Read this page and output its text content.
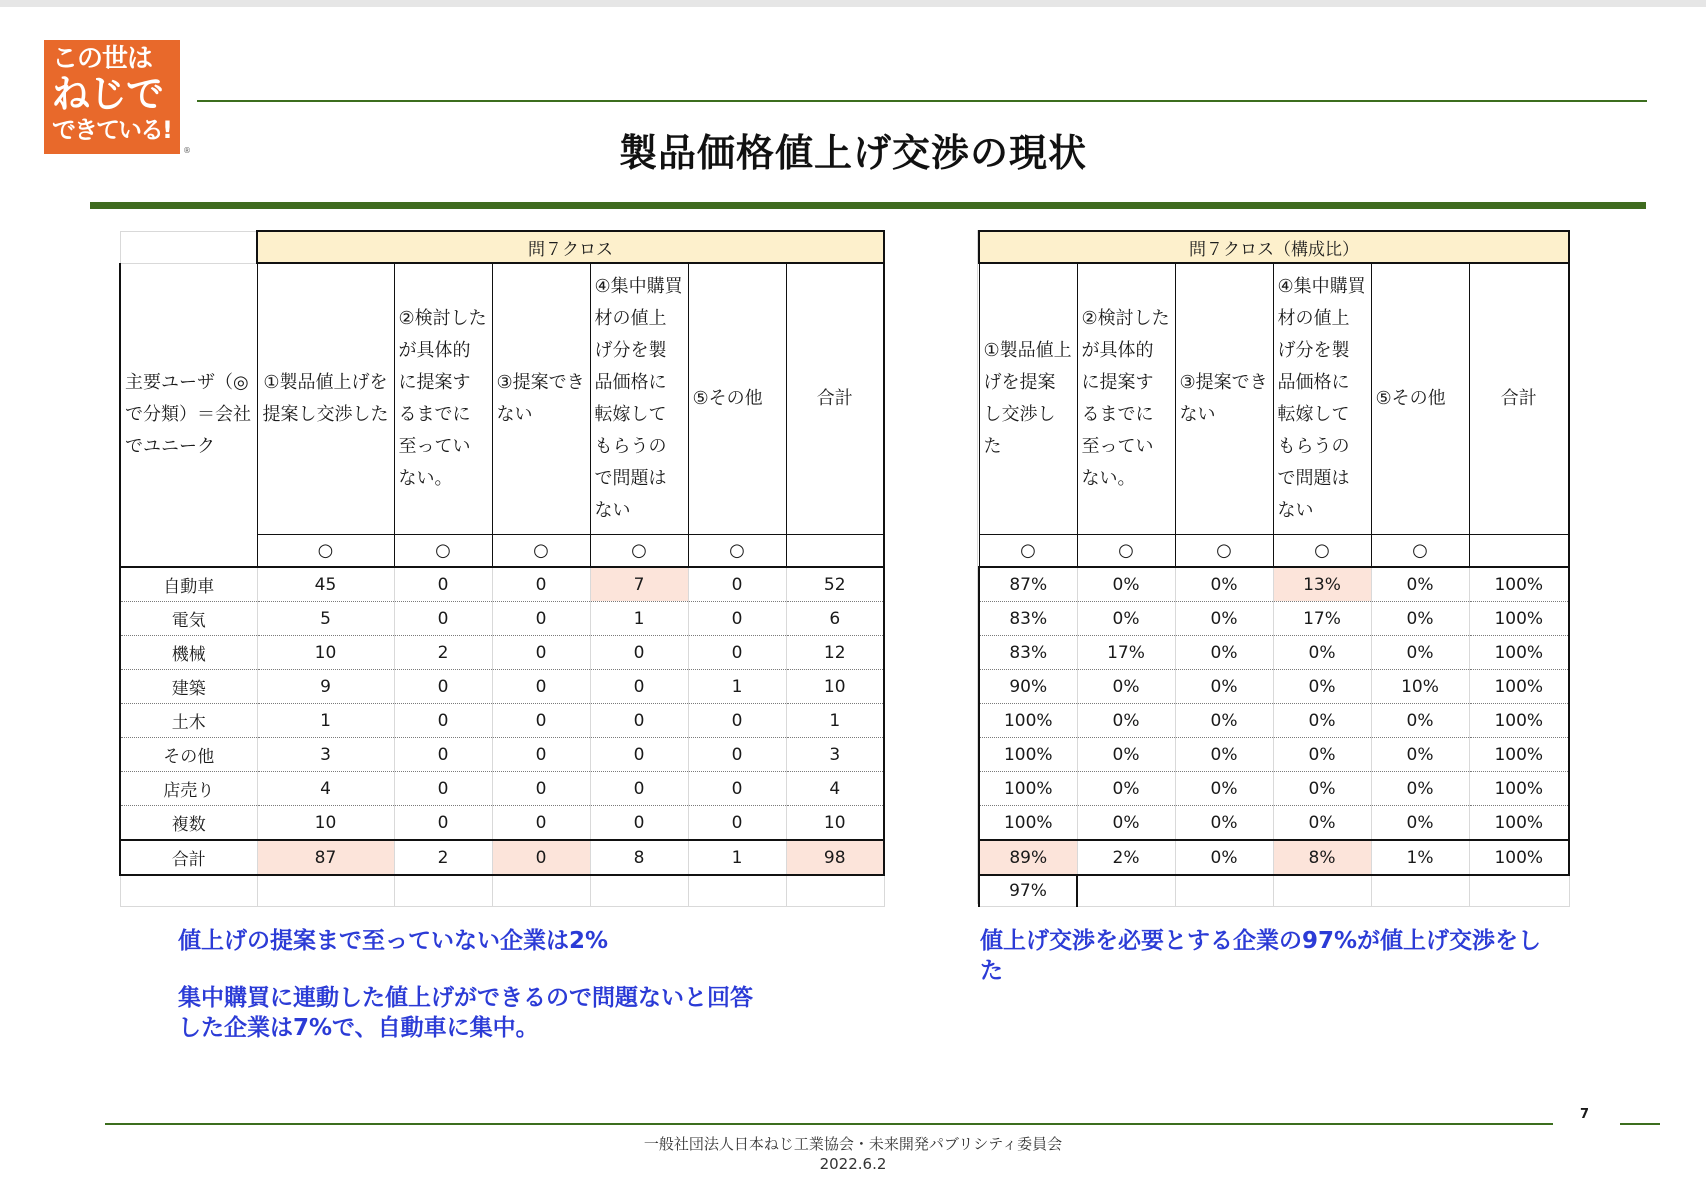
この世は
ねじで
できている!
®	製品価格値上げ交渉の現状
	問７クロス					
主要ユーザ（◎で分類）＝会社でユニーク	①製品値上げを提案し交渉した	②検討したが具体的に提案するまでに至っていない。	③提案できない	④集中購買材の値上げ分を製品価格に転嫁してもらうので問題はない	⑤その他	合計
	○	○	○	○	○	
自動車	45	0	0	7	0	52
電気	5	0	0	1	0	6
機械	10	2	0	0	0	12
建築	9	0	0	0	1	10
土木	1	0	0	0	0	1
その他	3	0	0	0	0	3
店売り	4	0	0	0	0	4
複数	10	0	0	0	0	10
合計	87	2	0	8	1	98

問７クロス（構成比）					
①製品値上げを提案し交渉した	②検討したが具体的に提案するまでに至っていない。	③提案できない	④集中購買材の値上げ分を製品価格に転嫁してもらうので問題はない	⑤その他	合計
○	○	○	○	○	
87%	0%	0%	13%	0%	100%
83%	0%	0%	17%	0%	100%
83%	17%	0%	0%	0%	100%
90%	0%	0%	0%	10%	100%
100%	0%	0%	0%	0%	100%
100%	0%	0%	0%	0%	100%
100%	0%	0%	0%	0%	100%
100%	0%	0%	0%	0%	100%
89%	2%	0%	8%	1%	100%
97%					
値上げの提案まで至っていない企業は2%
集中購買に連動した値上げができるので問題ないと回答した企業は7%で、自動車に集中。
値上げ交渉を必要とする企業の97%が値上げ交渉をした
7
一般社団法人日本ねじ工業協会・未来開発パブリシティ委員会
2022.6.2
